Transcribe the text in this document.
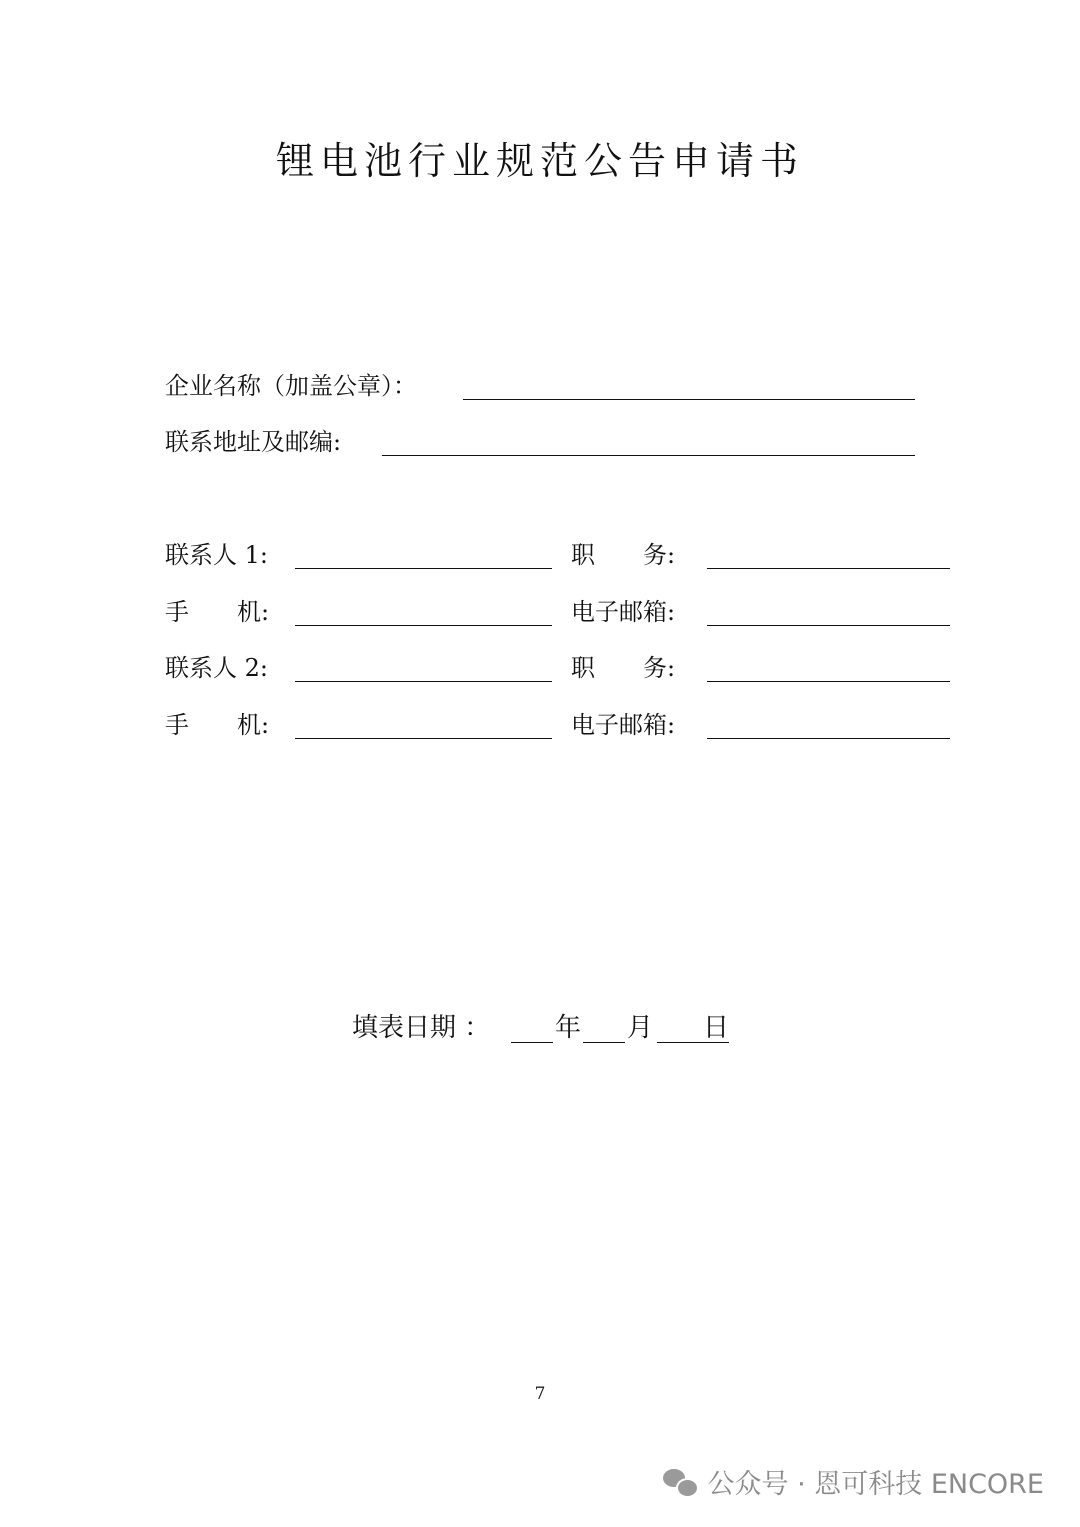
锂电池行业规范公告申请书
企业名称（加盖公章）：
联系地址及邮编:
联系人 1:	职　　务:
手　　机:	电子邮箱:
联系人 2:	职　　务:
手　　机:	电子邮箱:
填表日期 ： 年 月 日
7
公众号 · 恩可科技 ENCORE
